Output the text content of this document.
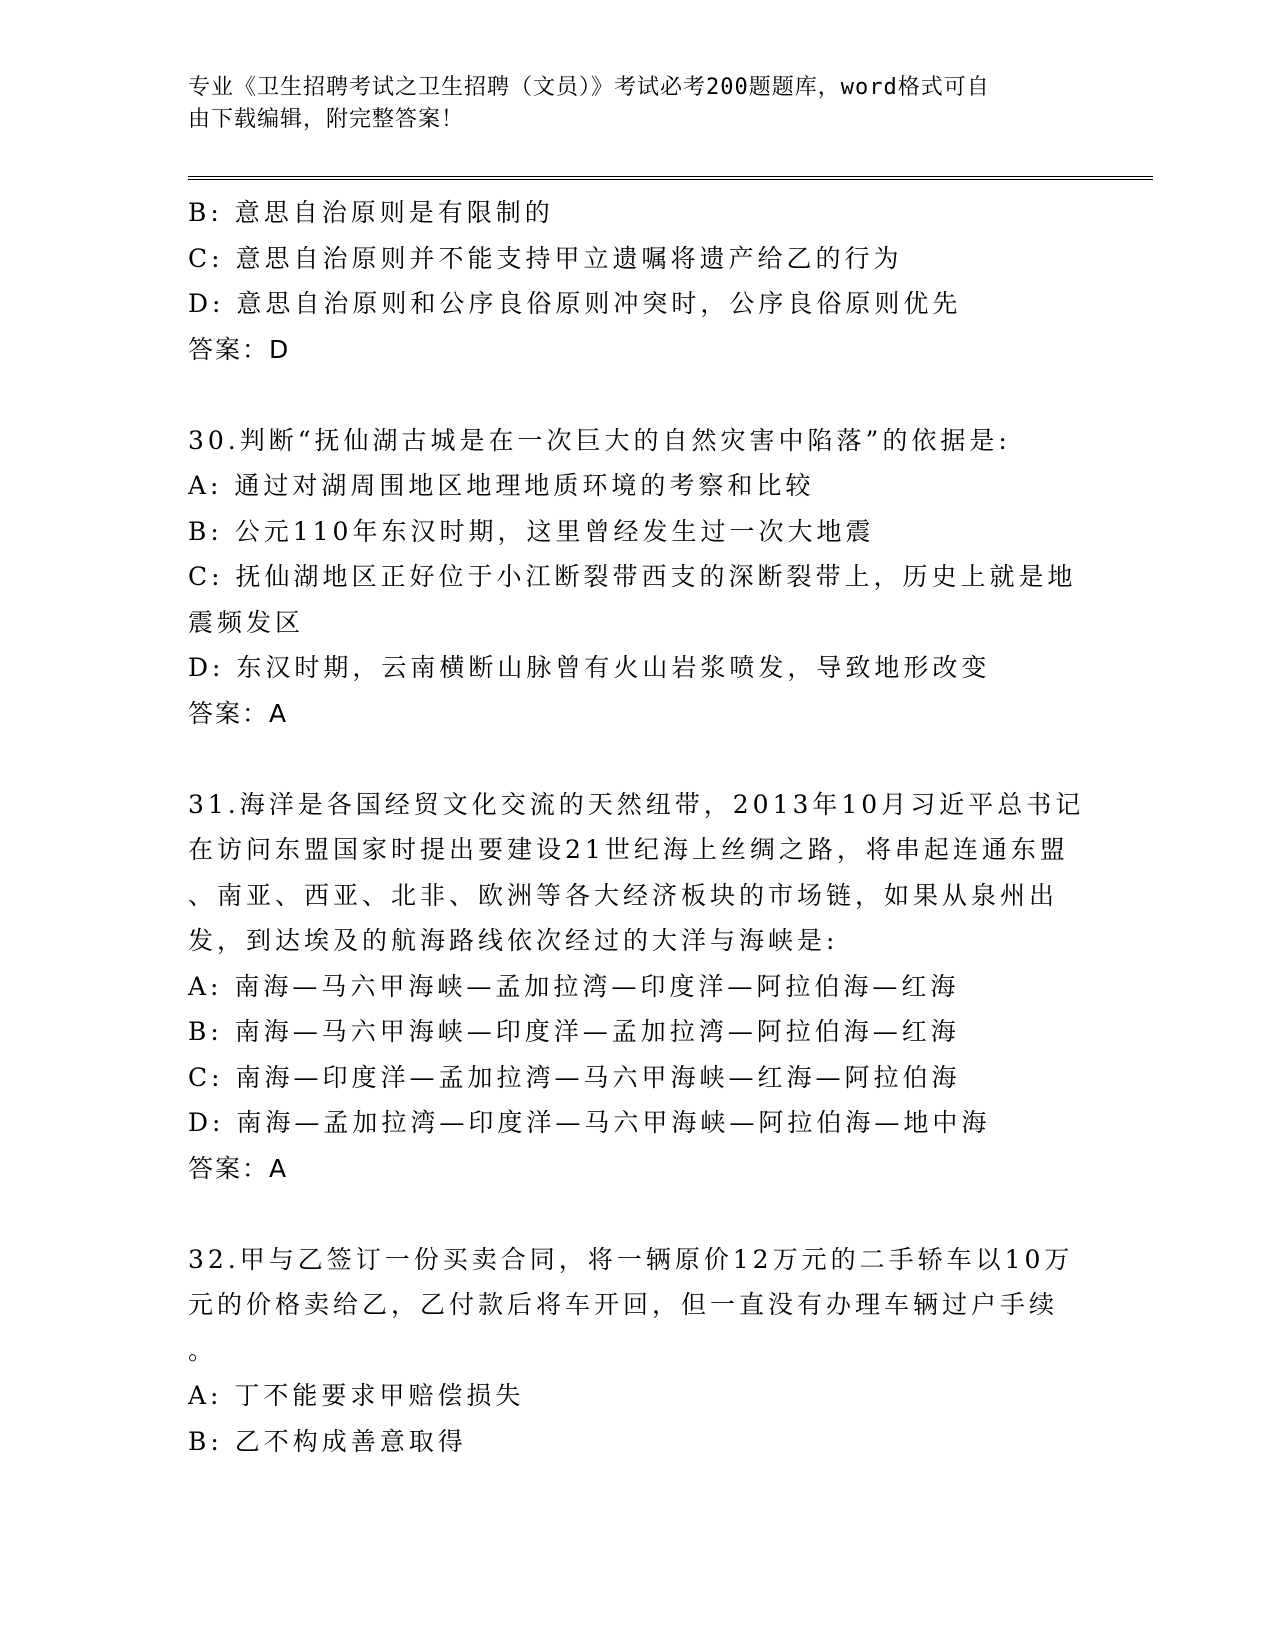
专业《卫生招聘考试之卫生招聘（文员）》考试必考200题题库，word格式可自
由下载编辑，附完整答案！
B: 意思自治原则是有限制的
C: 意思自治原则并不能支持甲立遗嘱将遗产给乙的行为
D: 意思自治原则和公序良俗原则冲突时，公序良俗原则优先
答案：D
30.判断“抚仙湖古城是在一次巨大的自然灾害中陷落”的依据是:
A: 通过对湖周围地区地理地质环境的考察和比较
B: 公元110年东汉时期，这里曾经发生过一次大地震
C: 抚仙湖地区正好位于小江断裂带西支的深断裂带上，历史上就是地
震频发区
D: 东汉时期，云南横断山脉曾有火山岩浆喷发，导致地形改变
答案：A
31.海洋是各国经贸文化交流的天然纽带，2013年10月习近平总书记
在访问东盟国家时提出要建设21世纪海上丝绸之路，将串起连通东盟
、南亚、西亚、北非、欧洲等各大经济板块的市场链，如果从泉州出
发，到达埃及的航海路线依次经过的大洋与海峡是:
A: 南海—马六甲海峡—孟加拉湾—印度洋—阿拉伯海—红海
B: 南海—马六甲海峡—印度洋—孟加拉湾—阿拉伯海—红海
C: 南海—印度洋—孟加拉湾—马六甲海峡—红海—阿拉伯海
D: 南海—孟加拉湾—印度洋—马六甲海峡—阿拉伯海—地中海
答案：A
32.甲与乙签订一份买卖合同，将一辆原价12万元的二手轿车以10万
元的价格卖给乙，乙付款后将车开回，但一直没有办理车辆过户手续
。
A: 丁不能要求甲赔偿损失
B: 乙不构成善意取得
